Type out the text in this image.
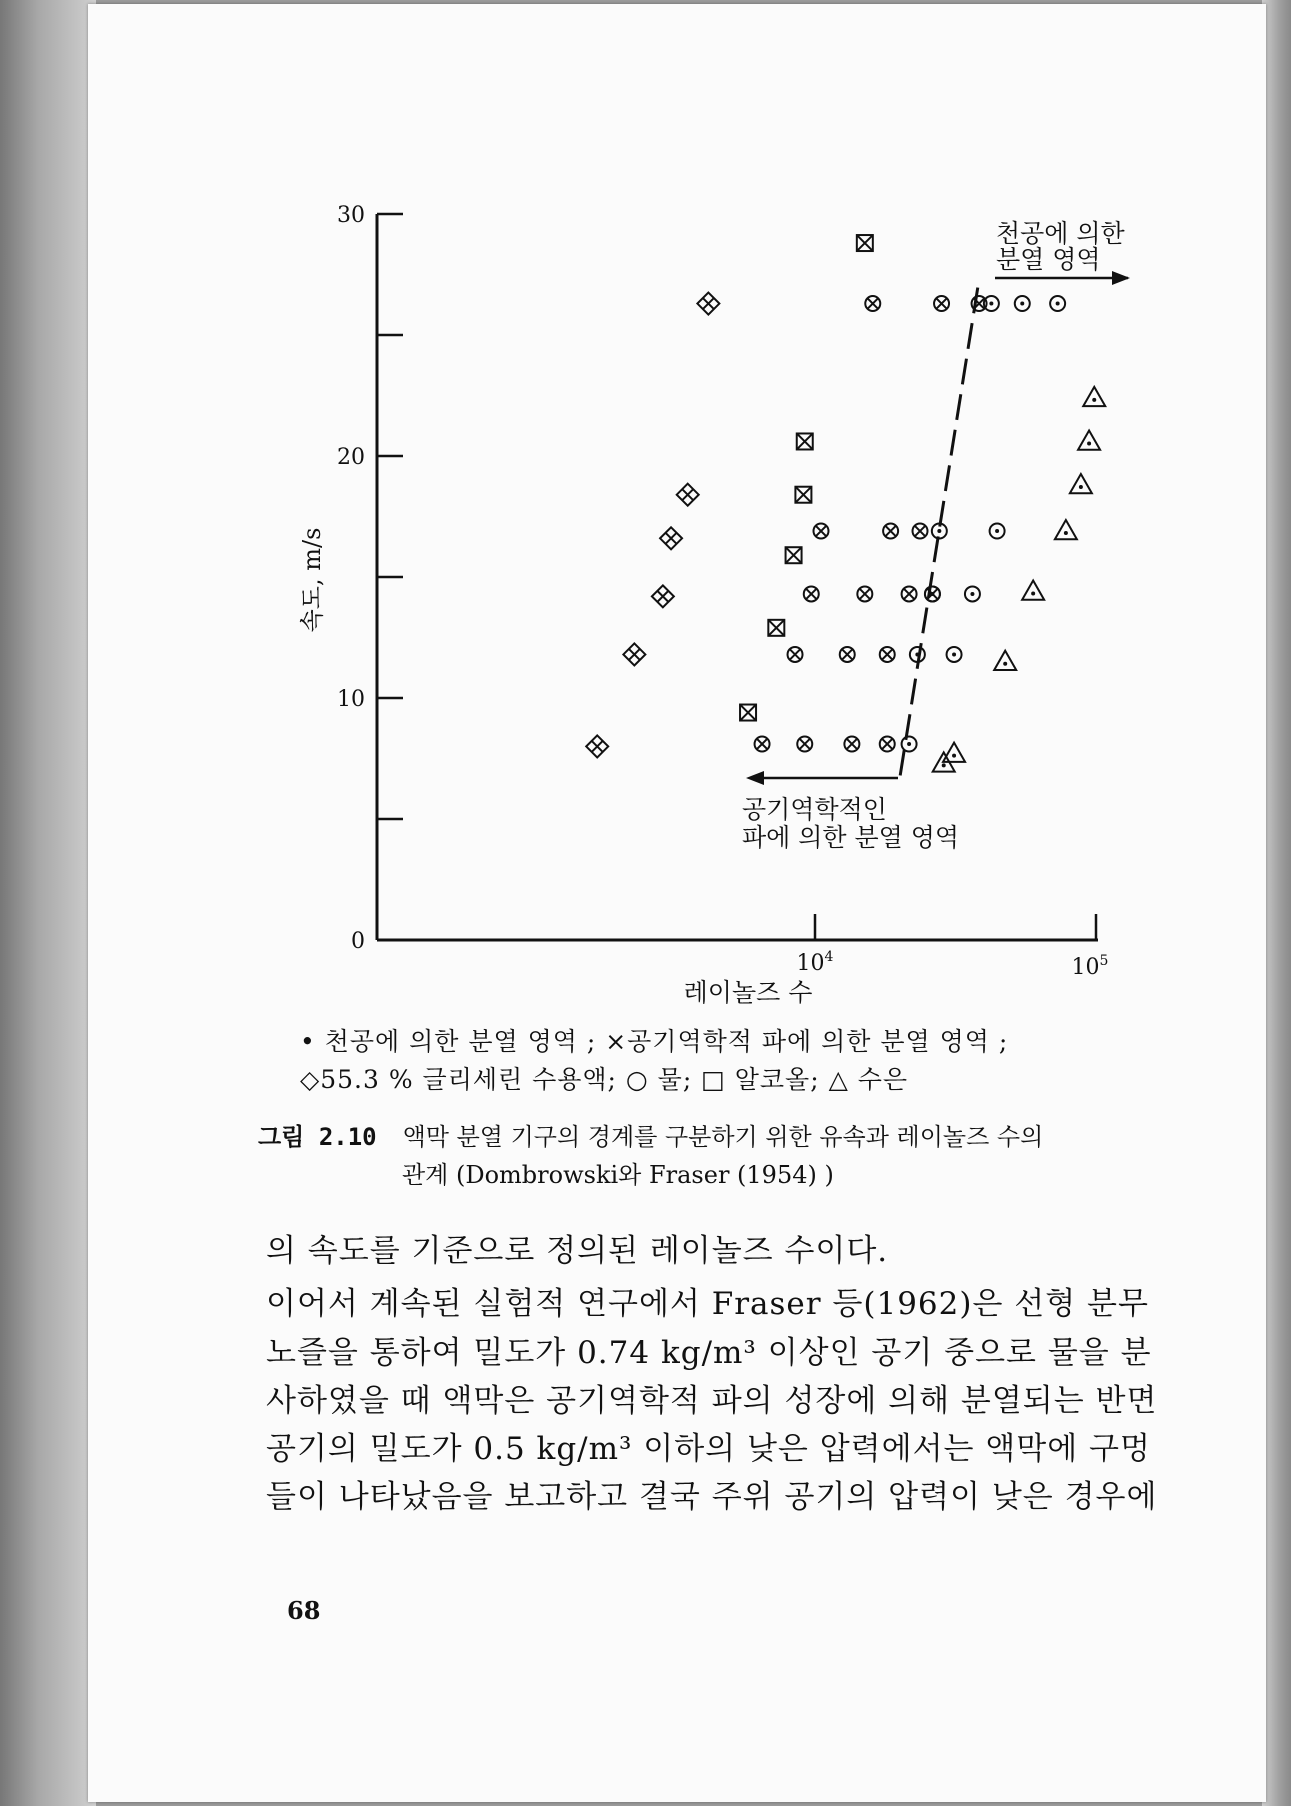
0
10
20
30
속도, m/s
레이놀즈 수
$10^4$	$10^5$
천공에 의한
분열 영역
공기역학적인
파에 의한 분열 영역
• 천공에 의한 분열 영역 ; ×공기역학적 파에 의한 분열 영역 ;
◇55.3 % 글리세린 수용액; ○ 물; □ 알코올; △ 수은
그림 2.10 액막 분열 기구의 경계를 구분하기 위한 유속과 레이놀즈 수의
관계 (Dombrowski와 Fraser (1954) )
의 속도를 기준으로 정의된 레이놀즈 수이다.
이어서 계속된 실험적 연구에서 Fraser 등(1962)은 선형 분무
노즐을 통하여 밀도가 0.74 kg/m³ 이상인 공기 중으로 물을 분
사하였을 때 액막은 공기역학적 파의 성장에 의해 분열되는 반면
공기의 밀도가 0.5 kg/m³ 이하의 낮은 압력에서는 액막에 구멍
들이 나타났음을 보고하고 결국 주위 공기의 압력이 낮은 경우에
68
